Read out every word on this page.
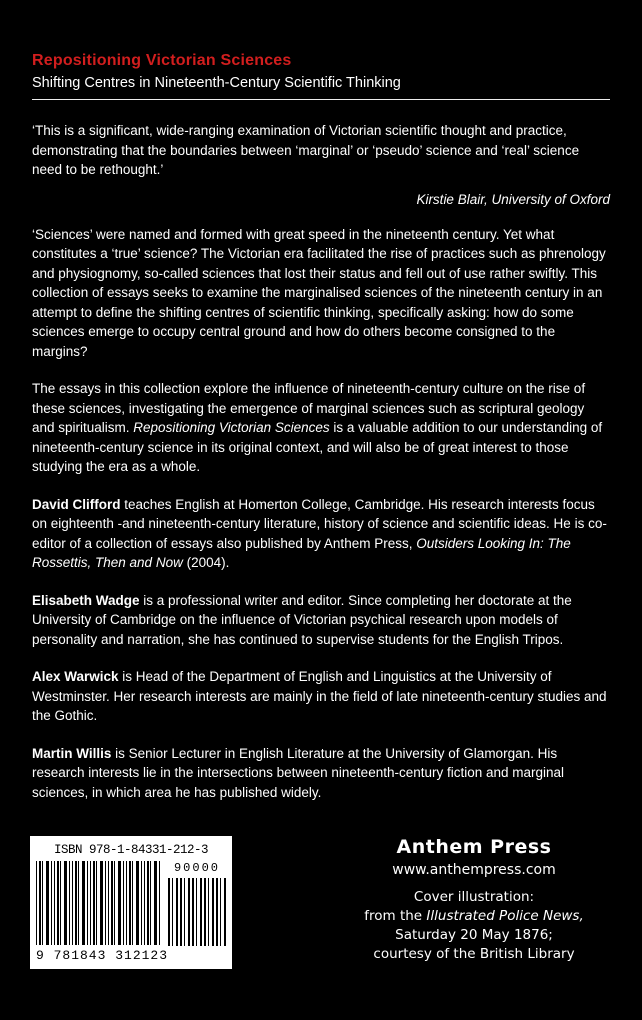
Repositioning Victorian Sciences
Shifting Centres in Nineteenth-Century Scientific Thinking

‘This is a significant, wide-ranging examination of Victorian scientific thought and practice, demonstrating that the boundaries between ‘marginal’ or ‘pseudo’ science and ‘real’ science need to be rethought.’

Kirstie Blair, University of Oxford

‘Sciences’ were named and formed with great speed in the nineteenth century. Yet what constitutes a ‘true’ science? The Victorian era facilitated the rise of practices such as phrenology and physiognomy, so-called sciences that lost their status and fell out of use rather swiftly. This collection of essays seeks to examine the marginalised sciences of the nineteenth century in an attempt to define the shifting centres of scientific thinking, specifically asking: how do some sciences emerge to occupy central ground and how do others become consigned to the margins?

The essays in this collection explore the influence of nineteenth-century culture on the rise of these sciences, investigating the emergence of marginal sciences such as scriptural geology and spiritualism. Repositioning Victorian Sciences is a valuable addition to our understanding of nineteenth-century science in its original context, and will also be of great interest to those studying the era as a whole.

David Clifford teaches English at Homerton College, Cambridge. His research interests focus on eighteenth -and nineteenth-century literature, history of science and scientific ideas. He is co-editor of a collection of essays also published by Anthem Press, Outsiders Looking In: The Rossettis, Then and Now (2004).

Elisabeth Wadge is a professional writer and editor. Since completing her doctorate at the University of Cambridge on the influence of Victorian psychical research upon models of personality and narration, she has continued to supervise students for the English Tripos.

Alex Warwick is Head of the Department of English and Linguistics at the University of Westminster. Her research interests are mainly in the field of late nineteenth-century studies and the Gothic.

Martin Willis is Senior Lecturer in English Literature at the University of Glamorgan. His research interests lie in the intersections between nineteenth-century fiction and marginal sciences, in which area he has published widely.

ISBN 978-1-84331-212-3
9 781843 312123
90000
Anthem Press
www.anthempress.com
Cover illustration:
from the Illustrated Police News,
Saturday 20 May 1876;
courtesy of the British Library
